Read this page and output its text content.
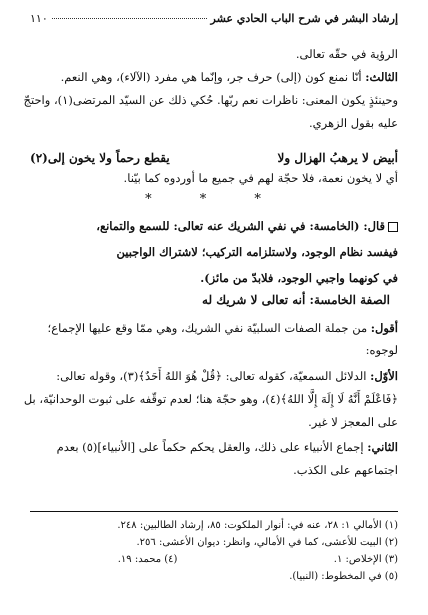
إرشاد البشر في شرح الباب الحادي عشر
١١٠

الرؤية في حقّه تعالى.

الثالث: أنّا نمنع كون (إلى) حرف جر، وإنّما هي مفرد (الآلاء)، وهي النعم.

وحينئذٍ يكون المعنى: ناظرات نعم ربّها. حُكي ذلك عن السيّد المرتضى(١)، واحتجّ

عليه بقول الزهري.

أبيض لا يرهبُ الهزال ولا
يقطع رحماً ولا يخون إلى(٢)

أي لا يخون نعمة، فلا حجّة لهم في جميع ما أوردوه كما بيّنا.

* * *
قال: (الخامسة: في نفي الشريك عنه تعالى: للسمع والتمانع،
فيفسد نظام الوجود، ولاستلزامه التركيب؛ لاشتراك الواجبين
في كونهما واجبي الوجود، فلابدّ من مائز).
الصفة الخامسة: أنه تعالى لا شريك له

أقول: من جملة الصفات السلبيّة نفي الشريك، وهي ممّا وقع عليها الإجماع؛

لوجوه:

الأوّل: الدلائل السمعيّة، كقوله تعالى: ﴿قُلْ هُوَ اللهُ أَحَدٌ﴾(٣)، وقوله تعالى:

﴿فَاعْلَمْ أَنَّهُ لَا إِلَهَ إِلَّا اللهُ﴾(٤)، وهو حجّة هنا؛ لعدم توقّفه على ثبوت الوحدانيّة، بل

على المعجز لا غير.

الثاني: إجماع الأنبياء على ذلك، والعقل يحكم حكماً على [الأنبياء](٥) بعدم

اجتماعهم على الكذب.

(١) الأمالي ١: ٢٨، عنه في: أنوار الملكوت: ٨٥، إرشاد الطالبين: ٢٤٨.
(٢) البيت للأعشى، كما في الأمالي، وانظر: ديوان الأعشى: ٢٥٦.
(٣) الإخلاص: ١.  (٤) محمد: ١٩.
(٥) في المخطوط: (النبيا).
